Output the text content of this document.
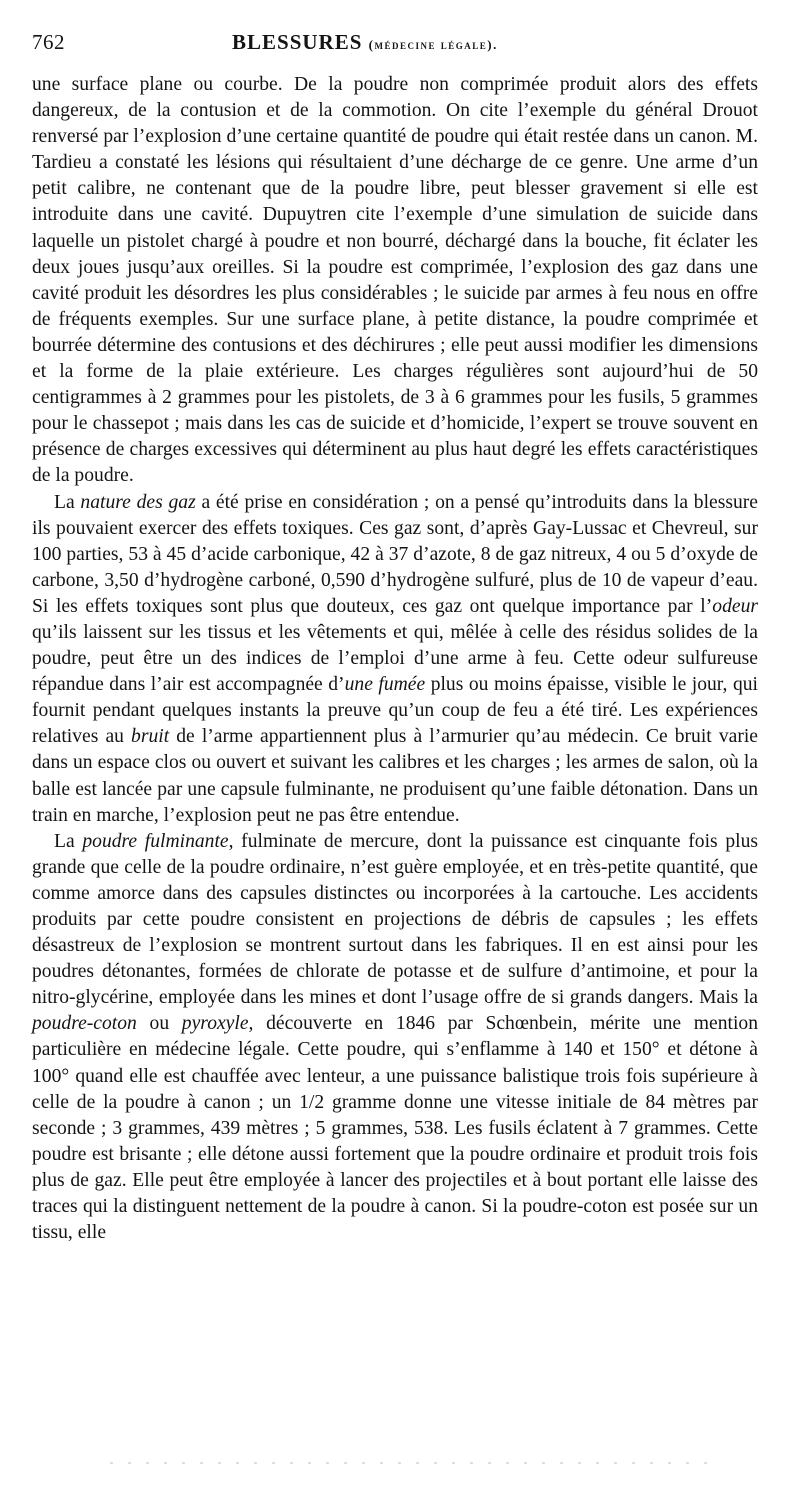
762	BLESSURES (médecine légale).

une surface plane ou courbe. De la poudre non comprimée produit alors des effets dangereux, de la contusion et de la commotion. On cite l’exemple du général Drouot renversé par l’explosion d’une certaine quantité de poudre qui était restée dans un canon. M. Tardieu a constaté les lésions qui résultaient d’une décharge de ce genre. Une arme d’un petit calibre, ne contenant que de la poudre libre, peut blesser gravement si elle est introduite dans une cavité. Dupuytren cite l’exemple d’une simulation de suicide dans laquelle un pistolet chargé à poudre et non bourré, déchargé dans la bouche, fit éclater les deux joues jusqu’aux oreilles. Si la poudre est comprimée, l’explosion des gaz dans une cavité produit les désordres les plus considérables ; le suicide par armes à feu nous en offre de fréquents exemples. Sur une surface plane, à petite distance, la poudre comprimée et bourrée détermine des contusions et des déchirures ; elle peut aussi modifier les dimensions et la forme de la plaie extérieure. Les charges régulières sont aujourd’hui de 50 centigrammes à 2 grammes pour les pistolets, de 3 à 6 grammes pour les fusils, 5 grammes pour le chassepot ; mais dans les cas de suicide et d’homicide, l’expert se trouve souvent en présence de charges excessives qui déterminent au plus haut degré les effets caractéristiques de la poudre.

La nature des gaz a été prise en considération ; on a pensé qu’introduits dans la blessure ils pouvaient exercer des effets toxiques. Ces gaz sont, d’après Gay-Lussac et Chevreul, sur 100 parties, 53 à 45 d’acide carbonique, 42 à 37 d’azote, 8 de gaz nitreux, 4 ou 5 d’oxyde de carbone, 3,50 d’hydrogène carboné, 0,590 d’hydrogène sulfuré, plus de 10 de vapeur d’eau. Si les effets toxiques sont plus que douteux, ces gaz ont quelque importance par l’odeur qu’ils laissent sur les tissus et les vêtements et qui, mêlée à celle des résidus solides de la poudre, peut être un des indices de l’emploi d’une arme à feu. Cette odeur sulfureuse répandue dans l’air est accompagnée d’une fumée plus ou moins épaisse, visible le jour, qui fournit pendant quelques instants la preuve qu’un coup de feu a été tiré. Les expériences relatives au bruit de l’arme appartiennent plus à l’armurier qu’au médecin. Ce bruit varie dans un espace clos ou ouvert et suivant les calibres et les charges ; les armes de salon, où la balle est lancée par une capsule fulminante, ne produisent qu’une faible détonation. Dans un train en marche, l’explosion peut ne pas être entendue.

La poudre fulminante, fulminate de mercure, dont la puissance est cinquante fois plus grande que celle de la poudre ordinaire, n’est guère employée, et en très-petite quantité, que comme amorce dans des capsules distinctes ou incorporées à la cartouche. Les accidents produits par cette poudre consistent en projections de débris de capsules ; les effets désastreux de l’explosion se montrent surtout dans les fabriques. Il en est ainsi pour les poudres détonantes, formées de chlorate de potasse et de sulfure d’antimoine, et pour la nitro-glycérine, employée dans les mines et dont l’usage offre de si grands dangers. Mais la poudre-coton ou pyroxyle, découverte en 1846 par Schœnbein, mérite une mention particulière en médecine légale. Cette poudre, qui s’enflamme à 140 et 150° et détone à 100° quand elle est chauffée avec lenteur, a une puissance balistique trois fois supérieure à celle de la poudre à canon ; un 1/2 gramme donne une vitesse initiale de 84 mètres par seconde ; 3 grammes, 439 mètres ; 5 grammes, 538. Les fusils éclatent à 7 grammes. Cette poudre est brisante ; elle détone aussi fortement que la poudre ordinaire et produit trois fois plus de gaz. Elle peut être employée à lancer des projectiles et à bout portant elle laisse des traces qui la distinguent nettement de la poudre à canon. Si la poudre-coton est posée sur un tissu, elle
